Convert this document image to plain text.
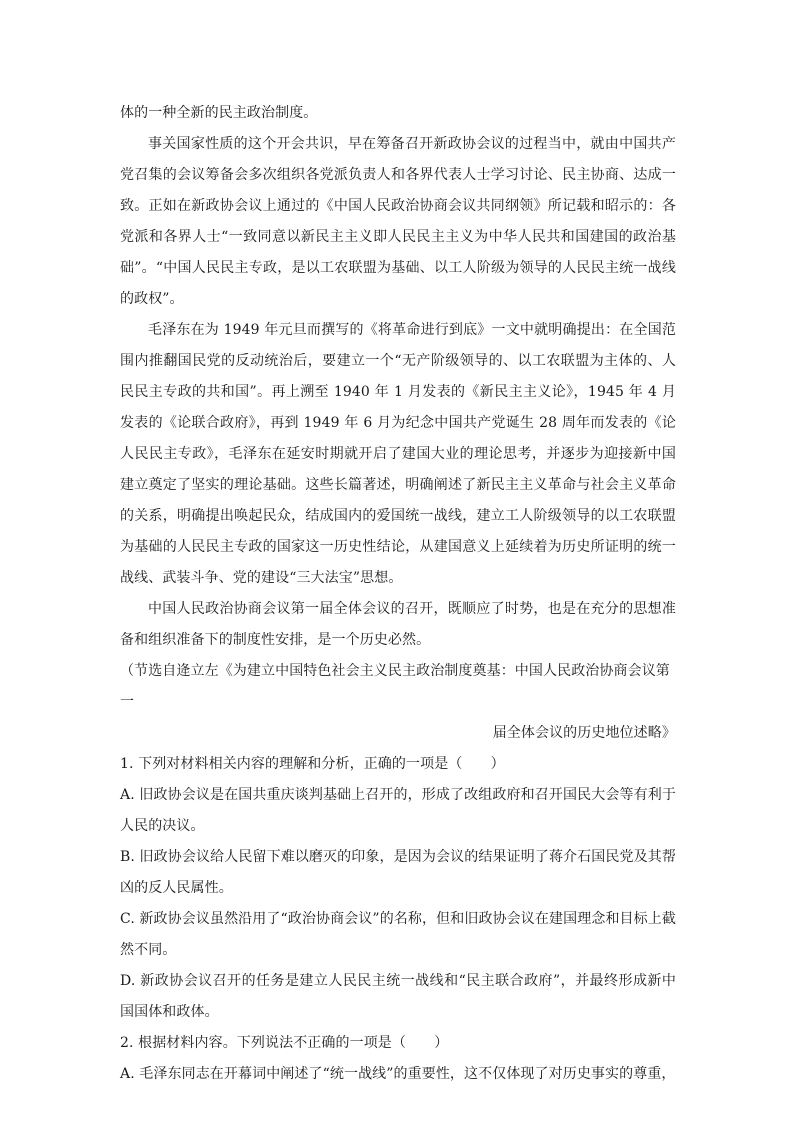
体的一种全新的民主政治制度。

事关国家性质的这个开会共识，早在筹备召开新政协会议的过程当中，就由中国共产党召集的会议筹备会多次组织各党派负责人和各界代表人士学习讨论、民主协商、达成一致。正如在新政协会议上通过的《中国人民政治协商会议共同纲领》所记载和昭示的：各党派和各界人士“一致同意以新民主主义即人民民主主义为中华人民共和国建国的政治基础”。“中国人民民主专政，是以工农联盟为基础、以工人阶级为领导的人民民主统一战线的政权”。

毛泽东在为 1949 年元旦而撰写的《将革命进行到底》一文中就明确提出：在全国范围内推翻国民党的反动统治后，要建立一个“无产阶级领导的、以工农联盟为主体的、人民民主专政的共和国”。再上溯至 1940 年 1 月发表的《新民主主义论》，1945 年 4 月发表的《论联合政府》，再到 1949 年 6 月为纪念中国共产党诞生 28 周年而发表的《论人民民主专政》，毛泽东在延安时期就开启了建国大业的理论思考，并逐步为迎接新中国建立奠定了坚实的理论基础。这些长篇著述，明确阐述了新民主主义革命与社会主义革命的关系，明确提出唤起民众，结成国内的爱国统一战线，建立工人阶级领导的以工农联盟为基础的人民民主专政的国家这一历史性结论，从建国意义上延续着为历史所证明的统一战线、武装斗争、党的建设“三大法宝”思想。

中国人民政治协商会议第一届全体会议的召开，既顺应了时势，也是在充分的思想准备和组织准备下的制度性安排，是一个历史必然。

（节选自逄立左《为建立中国特色社会主义民主政治制度奠基：中国人民政治协商会议第一

届全体会议的历史地位述略》

1. 下列对材料相关内容的理解和分析，正确的一项是（　　）

A. 旧政协会议是在国共重庆谈判基础上召开的，形成了改组政府和召开国民大会等有利于人民的决议。

B. 旧政协会议给人民留下难以磨灭的印象，是因为会议的结果证明了蒋介石国民党及其帮凶的反人民属性。

C. 新政协会议虽然沿用了“政治协商会议”的名称，但和旧政协会议在建国理念和目标上截然不同。

D. 新政协会议召开的任务是建立人民民主统一战线和“民主联合政府”，并最终形成新中国国体和政体。

2. 根据材料内容。下列说法不正确的一项是（　　）

A. 毛泽东同志在开幕词中阐述了“统一战线”的重要性，这不仅体现了对历史事实的尊重，
